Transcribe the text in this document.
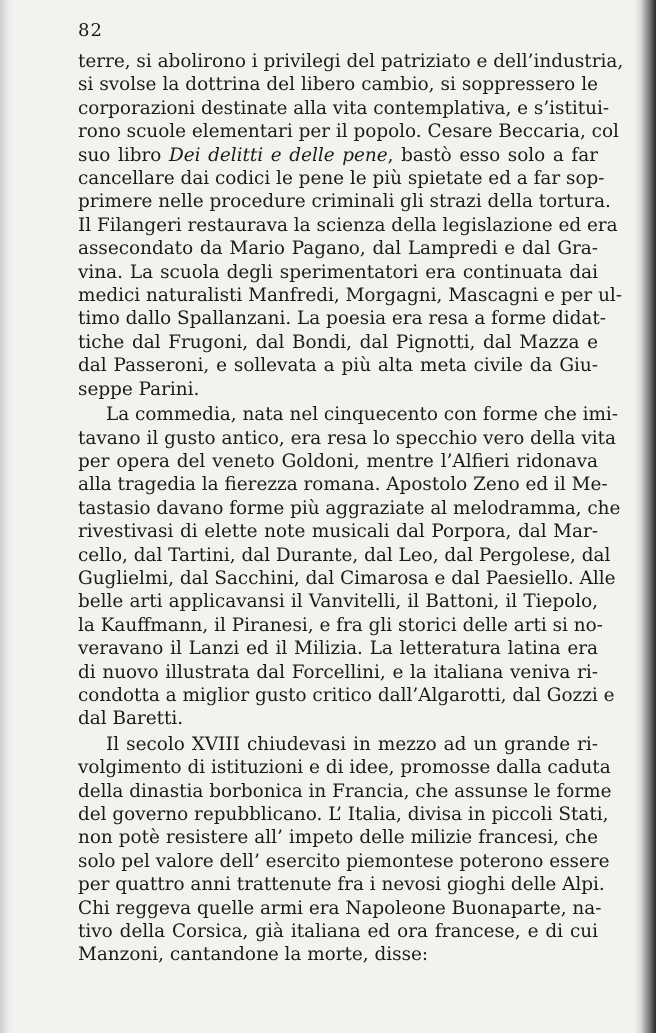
82
terre, si abolirono i privilegi del patriziato e dell’industria,
si svolse la dottrina del libero cambio, si soppressero le
corporazioni destinate alla vita contemplativa, e s’istitui-
rono scuole elementari per il popolo. Cesare Beccaria, col
suo libro Dei delitti e delle pene, bastò esso solo a far
cancellare dai codici le pene le più spietate ed a far sop-
primere nelle procedure criminali gli strazi della tortura.
Il Filangeri restaurava la scienza della legislazione ed era
assecondato da Mario Pagano, dal Lampredi e dal Gra-
vina. La scuola degli sperimentatori era continuata dai
medici naturalisti Manfredi, Morgagni, Mascagni e per ul-
timo dallo Spallanzani. La poesia era resa a forme didat-
tiche dal Frugoni, dal Bondi, dal Pignotti, dal Mazza e
dal Passeroni, e sollevata a più alta meta civile da Giu-
seppe Parini.
La commedia, nata nel cinquecento con forme che imi-
tavano il gusto antico, era resa lo specchio vero della vita
per opera del veneto Goldoni, mentre l’Alfieri ridonava
alla tragedia la fierezza romana. Apostolo Zeno ed il Me-
tastasio davano forme più aggraziate al melodramma, che
rivestivasi di elette note musicali dal Porpora, dal Mar-
cello, dal Tartini, dal Durante, dal Leo, dal Pergolese, dal
Guglielmi, dal Sacchini, dal Cimarosa e dal Paesiello. Alle
belle arti applicavansi il Vanvitelli, il Battoni, il Tiepolo,
la Kauffmann, il Piranesi, e fra gli storici delle arti si no-
veravano il Lanzi ed il Milizia. La letteratura latina era
di nuovo illustrata dal Forcellini, e la italiana veniva ri-
condotta a miglior gusto critico dall’Algarotti, dal Gozzi e
dal Baretti.
Il secolo XVIII chiudevasi in mezzo ad un grande ri-
volgimento di istituzioni e di idee, promosse dalla caduta
della dinastia borbonica in Francia, che assunse le forme
del governo repubblicano. L’ Italia, divisa in piccoli Stati,
non potè resistere all’ impeto delle milizie francesi, che
solo pel valore dell’ esercito piemontese poterono essere
per quattro anni trattenute fra i nevosi gioghi delle Alpi.
Chi reggeva quelle armi era Napoleone Buonaparte, na-
tivo della Corsica, già italiana ed ora francese, e di cui
Manzoni, cantandone la morte, disse:
